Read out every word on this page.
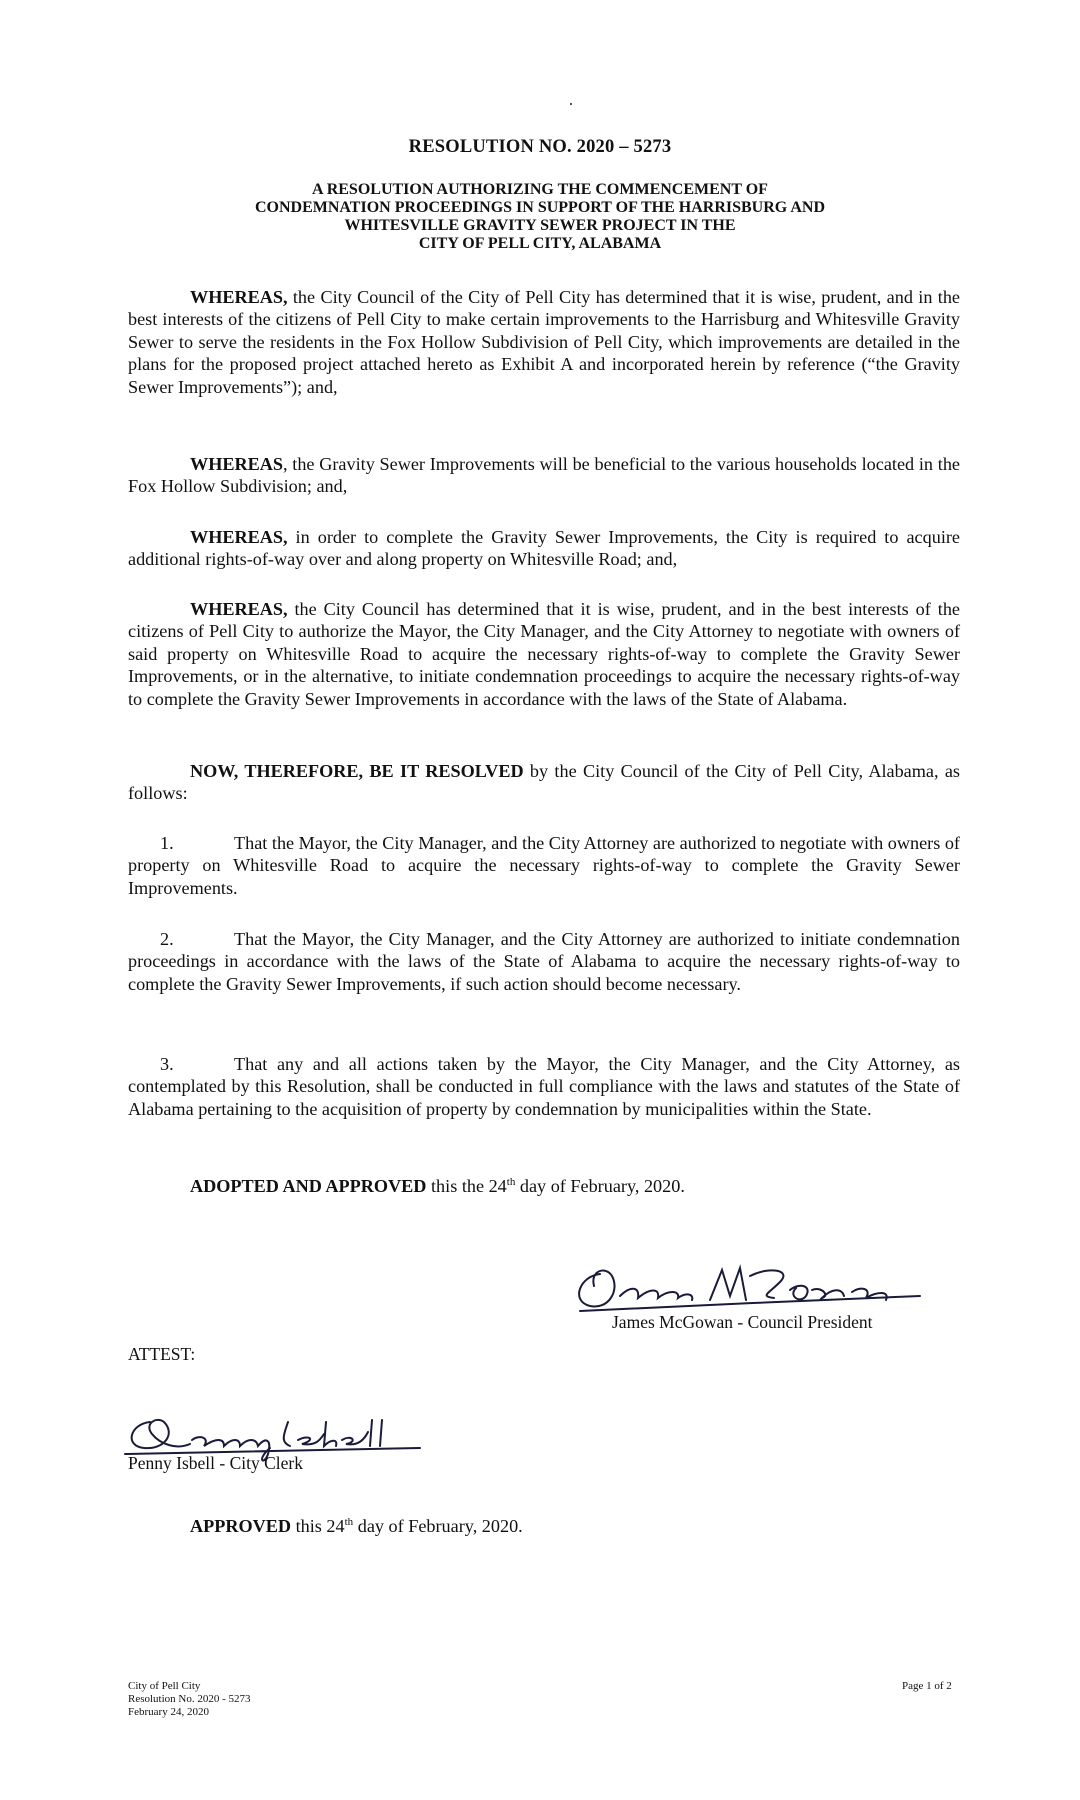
RESOLUTION NO. 2020 – 5273
A RESOLUTION AUTHORIZING THE COMMENCEMENT OF
CONDEMNATION PROCEEDINGS IN SUPPORT OF THE HARRISBURG AND
WHITESVILLE GRAVITY SEWER PROJECT IN THE
CITY OF PELL CITY, ALABAMA

WHEREAS, the City Council of the City of Pell City has determined that it is wise, prudent, and in the best interests of the citizens of Pell City to make certain improvements to the Harrisburg and Whitesville Gravity Sewer to serve the residents in the Fox Hollow Subdivision of Pell City, which improvements are detailed in the plans for the proposed project attached hereto as Exhibit A and incorporated herein by reference (“the Gravity Sewer Improvements”); and,

WHEREAS, the Gravity Sewer Improvements will be beneficial to the various households located in the Fox Hollow Subdivision; and,

WHEREAS, in order to complete the Gravity Sewer Improvements, the City is required to acquire additional rights-of-way over and along property on Whitesville Road; and,

WHEREAS, the City Council has determined that it is wise, prudent, and in the best interests of the citizens of Pell City to authorize the Mayor, the City Manager, and the City Attorney to negotiate with owners of said property on Whitesville Road to acquire the necessary rights-of-way to complete the Gravity Sewer Improvements, or in the alternative, to initiate condemnation proceedings to acquire the necessary rights-of-way to complete the Gravity Sewer Improvements in accordance with the laws of the State of Alabama.

NOW, THEREFORE, BE IT RESOLVED by the City Council of the City of Pell City, Alabama, as follows:

1.	That the Mayor, the City Manager, and the City Attorney are authorized to negotiate with owners of property on Whitesville Road to acquire the necessary rights-of-way to complete the Gravity Sewer Improvements.

2.	That the Mayor, the City Manager, and the City Attorney are authorized to initiate condemnation proceedings in accordance with the laws of the State of Alabama to acquire the necessary rights-of-way to complete the Gravity Sewer Improvements, if such action should become necessary.

3.	That any and all actions taken by the Mayor, the City Manager, and the City Attorney, as contemplated by this Resolution, shall be conducted in full compliance with the laws and statutes of the State of Alabama pertaining to the acquisition of property by condemnation by municipalities within the State.

ADOPTED AND APPROVED this the 24th day of February, 2020.
James McGowan - Council President
ATTEST:
Penny Isbell - City Clerk
APPROVED this 24th day of February, 2020.
City of Pell City
Resolution No. 2020 - 5273
February 24, 2020
Page 1 of 2
